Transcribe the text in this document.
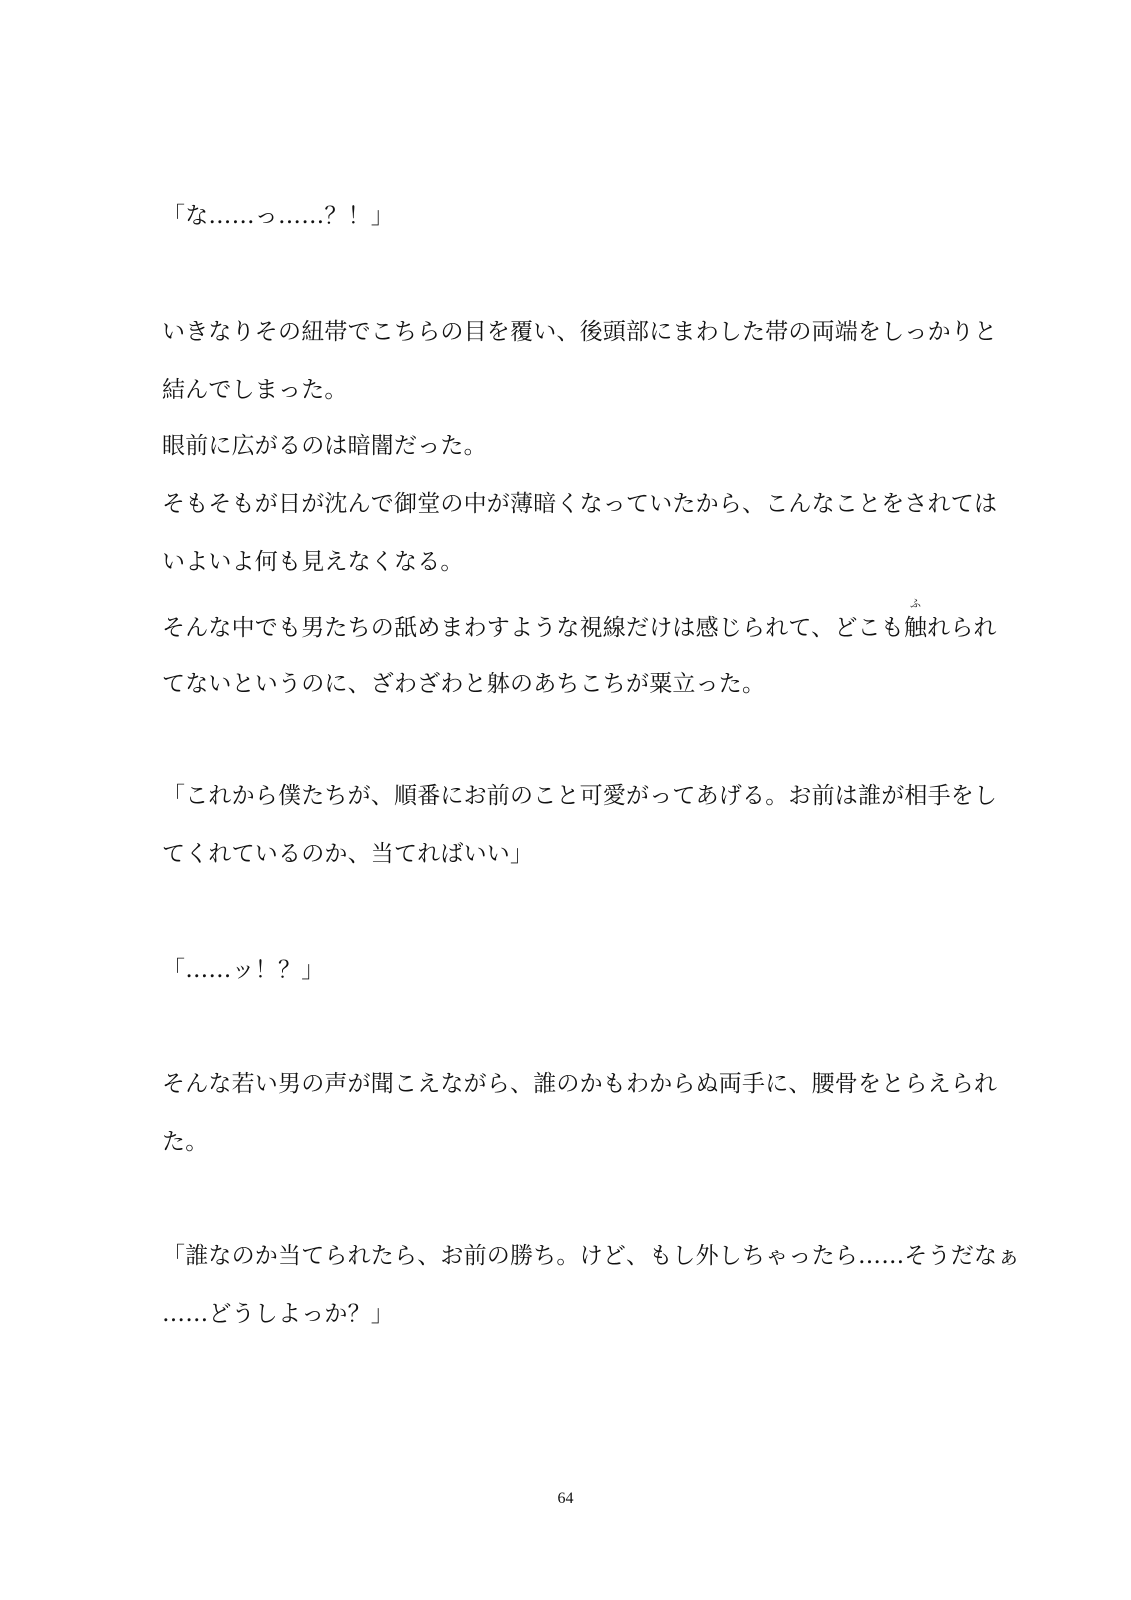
「な……っ……？！」

いきなりその紐帯でこちらの目を覆い、後頭部にまわした帯の両端をしっかりと

結んでしまった。

眼前に広がるのは暗闇だった。

そもそもが日が沈んで御堂の中が薄暗くなっていたから、こんなことをされては

いよいよ何も見えなくなる。

そんな中でも男たちの舐めまわすような視線だけは感じられて、どこも
ふ
触れられ

てないというのに、ざわざわと躰のあちこちが粟立った。

「これから僕たちが、順番にお前のこと可愛がってあげる。お前は誰が相手をし

てくれているのか、当てればいい」

「……ッ！？」

そんな若い男の声が聞こえながら、誰のかもわからぬ両手に、腰骨をとらえられ

た。

「誰なのか当てられたら、お前の勝ち。けど、もし外しちゃったら……そうだなぁ

……どうしよっか？」

64
